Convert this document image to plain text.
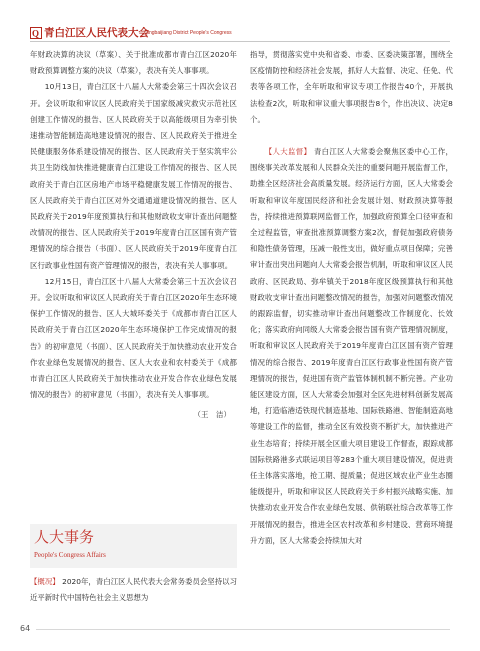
Q 青白江区人民代表大会
Qingbaijiang District People's Congress

年财政决算的决议（草案）、关于批准成都市青白江区2020年财政预算调整方案的决议（草案），表决有关人事事项。

10月13日，青白江区十八届人大常委会第三十四次会议召开。会议听取和审议区人民政府关于国家级减灾救灾示范社区创建工作情况的报告、区人民政府关于以高能级项目为牵引快速推动智能制造高地建设情况的报告、区人民政府关于推进全民健康服务体系建设情况的报告、区人民政府关于坚实筑牢公共卫生防线加快推进健康青白江建设工作情况的报告、区人民政府关于青白江区房地产市场平稳健康发展工作情况的报告、区人民政府关于青白江区对外交通通道建设情况的报告、区人民政府关于2019年度预算执行和其他财政收支审计查出问题整改情况的报告、区人民政府关于2019年度青白江区国有资产管理情况的综合报告（书面）、区人民政府关于2019年度青白江区行政事业性国有资产管理情况的报告，表决有关人事事项。

12月15日，青白江区十八届人大常委会第三十五次会议召开。会议听取和审议区人民政府关于青白江区2020年生态环境保护工作情况的报告、区人大城环委关于《成都市青白江区人民政府关于青白江区2020年生态环境保护工作完成情况的报告》的初审意见（书面）、区人民政府关于加快推动农业开发合作农业绿色发展情况的报告、区人大农业和农村委关于《成都市青白江区人民政府关于加快推动农业开发合作农业绿色发展情况的报告》的初审意见（书面），表决有关人事事项。

（王　洁）

人大事务
People's Congress Affairs
【概况】 2020年，青白江区人民代表大会常务委员会坚持以习近平新时代中国特色社会主义思想为

指导，贯彻落实党中央和省委、市委、区委决策部署，围绕全区疫情防控和经济社会发展，抓好人大监督、决定、任免、代表等各项工作，全年听取和审议专项工作报告40个，开展执法检查2次，听取和审议重大事项报告8个，作出决议、决定8个。

【人大监督】 青白江区人大常委会聚焦区委中心工作，围绕事关改革发展和人民群众关注的重要问题开展监督工作，助推全区经济社会高质量发展。经济运行方面，区人大常委会听取和审议年度国民经济和社会发展计划、财政预决算等报告，持续推进预算联网监督工作，加强政府预算全口径审查和全过程监管，审查批准预算调整方案2次，督促加强政府债务和隐性债务管理，压减一般性支出，做好重点项目保障；完善审计查出突出问题向人大常委会报告机制，听取和审议区人民政府、区民政局、弥牟镇关于2018年度区级预算执行和其他财政收支审计查出问题整改情况的报告，加强对问题整改情况的跟踪监督，切实推动审计查出问题整改工作制度化、长效化；落实政府向同级人大常委会报告国有资产管理情况制度，听取和审议区人民政府关于2019年度青白江区国有资产管理情况的综合报告、2019年度青白江区行政事业性国有资产管理情况的报告，促进国有资产监管体制机制不断完善。产业功能区建设方面，区人大常委会加强对全区先进材料创新发展高地，打造临港适铁现代制造基地、国际铁路港、智能制造高地等建设工作的监督，推动全区有效投资不断扩大，加快推进产业生态培育；持续开展全区重大项目建设工作督查，跟踪成都国际铁路港多式联运项目等283个重大项目建设情况，促进责任主体落实落地，抢工期、提质量；促进区域农业产业生态圈能级提升，听取和审议区人民政府关于乡村振兴战略实施、加快推动农业开发合作农业绿色发展、供销联社综合改革等工作开展情况的报告，推进全区农村改革和乡村建设、营商环境提升方面，区人大常委会持续加大对

64
